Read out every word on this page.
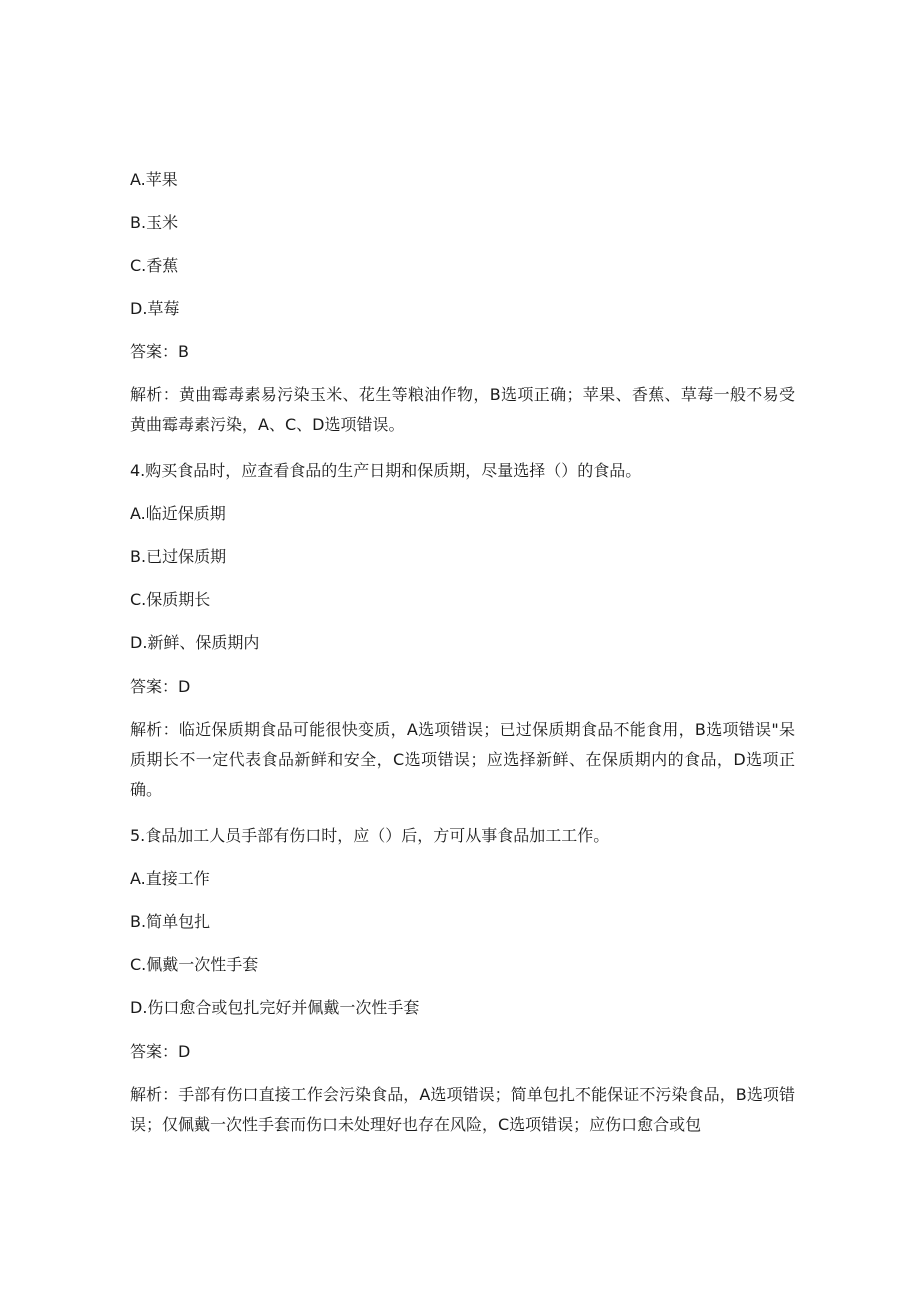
A.苹果
B.玉米
C.香蕉
D.草莓
答案：B
解析：黄曲霉毒素易污染玉米、花生等粮油作物，B选项正确；苹果、香蕉、草莓一般不易受黄曲霉毒素污染，A、C、D选项错误。
4.购买食品时，应查看食品的生产日期和保质期，尽量选择（）的食品。
A.临近保质期
B.已过保质期
C.保质期长
D.新鲜、保质期内
答案：D
解析：临近保质期食品可能很快变质，A选项错误；已过保质期食品不能食用，B选项错误"呆质期长不一定代表食品新鲜和安全，C选项错误；应选择新鲜、在保质期内的食品，D选项正确。
5.食品加工人员手部有伤口时，应（）后，方可从事食品加工工作。
A.直接工作
B.简单包扎
C.佩戴一次性手套
D.伤口愈合或包扎完好并佩戴一次性手套
答案：D
解析：手部有伤口直接工作会污染食品，A选项错误；简单包扎不能保证不污染食品，B选项错误；仅佩戴一次性手套而伤口未处理好也存在风险，C选项错误；应伤口愈合或包
